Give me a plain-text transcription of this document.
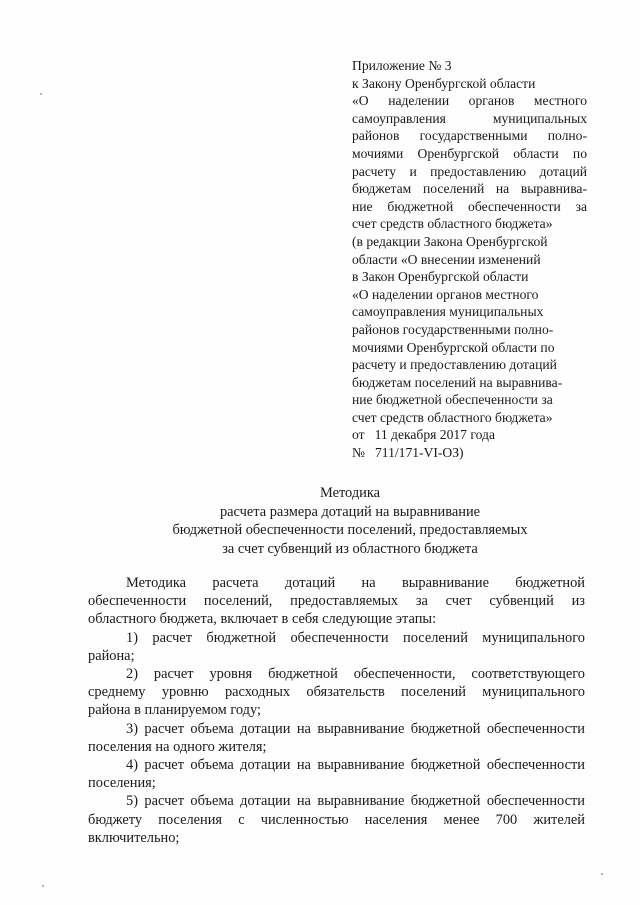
Приложение № 3
к Закону Оренбургской области
«О наделении органов местного
самоуправления муниципальных
районов государственными полно-
мочиями Оренбургской области по
расчету и предоставлению дотаций
бюджетам поселений на выравнива-
ние бюджетной обеспеченности за
счет средств областного бюджета»
(в редакции Закона Оренбургской
области «О внесении изменений
в Закон Оренбургской области
«О наделении органов местного
самоуправления муниципальных
районов государственными полно-
мочиями Оренбургской области по
расчету и предоставлению дотаций
бюджетам поселений на выравнива-
ние бюджетной обеспеченности за
счет средств областного бюджета»
от 11 декабря 2017 года
№ 711/171-VI-ОЗ)
Методика
расчета размера дотаций на выравнивание
бюджетной обеспеченности поселений, предоставляемых
за счет субвенций из областного бюджета
Методика расчета дотаций на выравнивание бюджетной
обеспеченности поселений, предоставляемых за счет субвенций из
областного бюджета, включает в себя следующие этапы:
1) расчет бюджетной обеспеченности поселений муниципального
района;
2) расчет уровня бюджетной обеспеченности, соответствующего
среднему уровню расходных обязательств поселений муниципального
района в планируемом году;
3) расчет объема дотации на выравнивание бюджетной обеспеченности
поселения на одного жителя;
4) расчет объема дотации на выравнивание бюджетной обеспеченности
поселения;
5) расчет объема дотации на выравнивание бюджетной обеспеченности
бюджету поселения с численностью населения менее 700 жителей
включительно;
